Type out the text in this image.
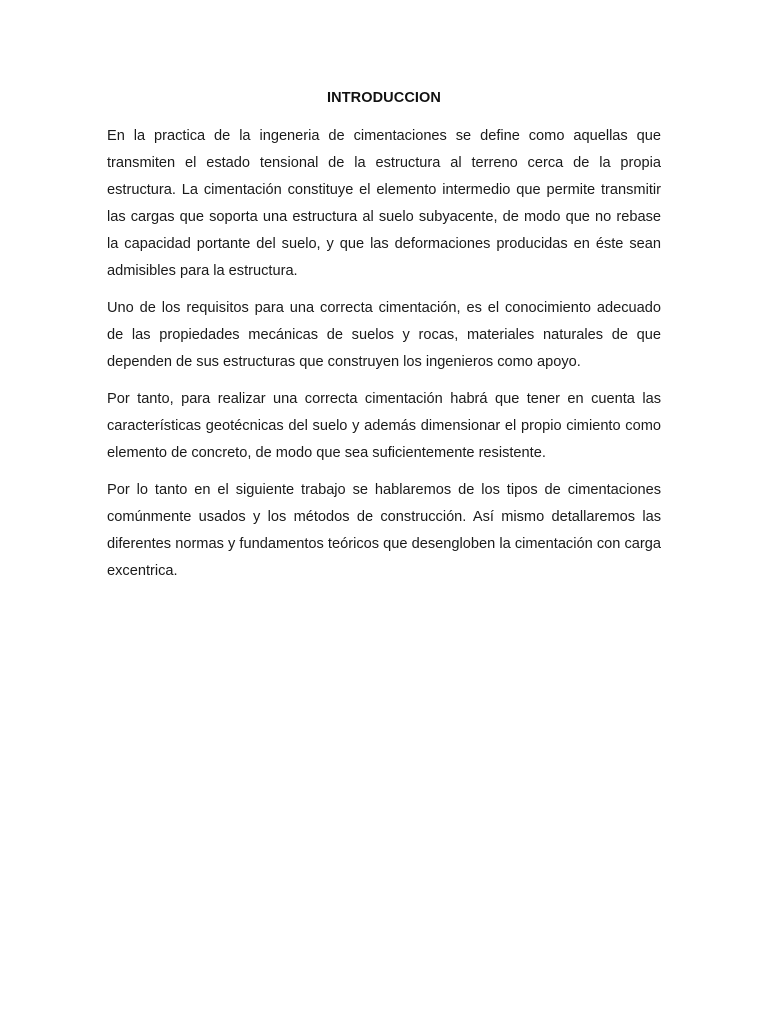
INTRODUCCION

En la practica de la ingeneria de cimentaciones se define como aquellas que transmiten el estado tensional de la estructura al terreno cerca de la propia estructura. La cimentación constituye el elemento intermedio que permite transmitir las cargas que soporta una estructura al suelo subyacente, de modo que no rebase la capacidad portante del suelo, y que las deformaciones producidas en éste sean admisibles para la estructura.

Uno de los requisitos para una correcta cimentación, es el conocimiento adecuado de las propiedades mecánicas de suelos y rocas, materiales naturales de que dependen de sus estructuras que construyen los ingenieros como apoyo.

Por tanto, para realizar una correcta cimentación habrá que tener en cuenta las características geotécnicas del suelo y además dimensionar el propio cimiento como elemento de concreto, de modo que sea suficientemente resistente.

Por lo tanto en el siguiente trabajo se hablaremos de los tipos de cimentaciones comúnmente usados y los métodos de construcción. Así mismo detallaremos las diferentes normas y fundamentos teóricos que desengloben la cimentación con carga excentrica.
